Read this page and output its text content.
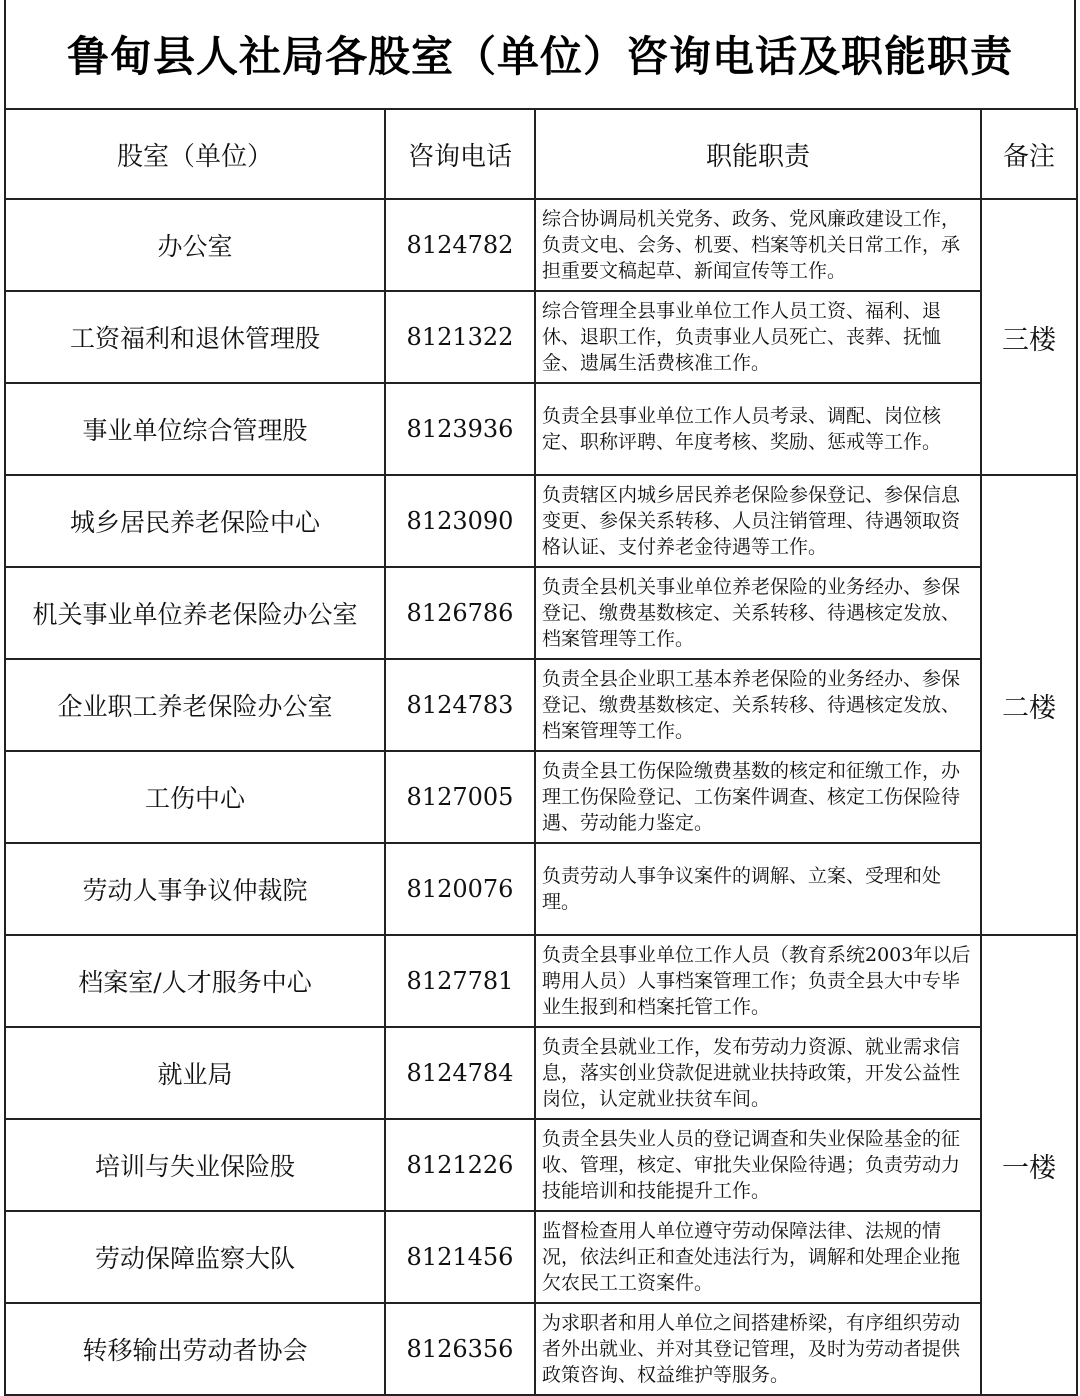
鲁甸县人社局各股室（单位）咨询电话及职能职责
股室（单位）	咨询电话	职能职责	备注
办公室	8124782	综合协调局机关党务、政务、党风廉政建设工作，负责文电、会务、机要、档案等机关日常工作，承担重要文稿起草、新闻宣传等工作。	三楼
工资福利和退休管理股	8121322	综合管理全县事业单位工作人员工资、福利、退休、退职工作，负责事业人员死亡、丧葬、抚恤金、遗属生活费核准工作。	
事业单位综合管理股	8123936	负责全县事业单位工作人员考录、调配、岗位核定、职称评聘、年度考核、奖励、惩戒等工作。	
城乡居民养老保险中心	8123090	负责辖区内城乡居民养老保险参保登记、参保信息变更、参保关系转移、人员注销管理、待遇领取资格认证、支付养老金待遇等工作。	二楼
机关事业单位养老保险办公室	8126786	负责全县机关事业单位养老保险的业务经办、参保登记、缴费基数核定、关系转移、待遇核定发放、档案管理等工作。	
企业职工养老保险办公室	8124783	负责全县企业职工基本养老保险的业务经办、参保登记、缴费基数核定、关系转移、待遇核定发放、档案管理等工作。	
工伤中心	8127005	负责全县工伤保险缴费基数的核定和征缴工作，办理工伤保险登记、工伤案件调查、核定工伤保险待遇、劳动能力鉴定。	
劳动人事争议仲裁院	8120076	负责劳动人事争议案件的调解、立案、受理和处理。	
档案室/人才服务中心	8127781	负责全县事业单位工作人员（教育系统2003年以后聘用人员）人事档案管理工作；负责全县大中专毕业生报到和档案托管工作。	一楼
就业局	8124784	负责全县就业工作，发布劳动力资源、就业需求信息，落实创业贷款促进就业扶持政策，开发公益性岗位，认定就业扶贫车间。	
培训与失业保险股	8121226	负责全县失业人员的登记调查和失业保险基金的征收、管理，核定、审批失业保险待遇；负责劳动力技能培训和技能提升工作。	
劳动保障监察大队	8121456	监督检查用人单位遵守劳动保障法律、法规的情况，依法纠正和查处违法行为，调解和处理企业拖欠农民工工资案件。	
转移输出劳动者协会	8126356	为求职者和用人单位之间搭建桥梁，有序组织劳动者外出就业、并对其登记管理，及时为劳动者提供政策咨询、权益维护等服务。	
